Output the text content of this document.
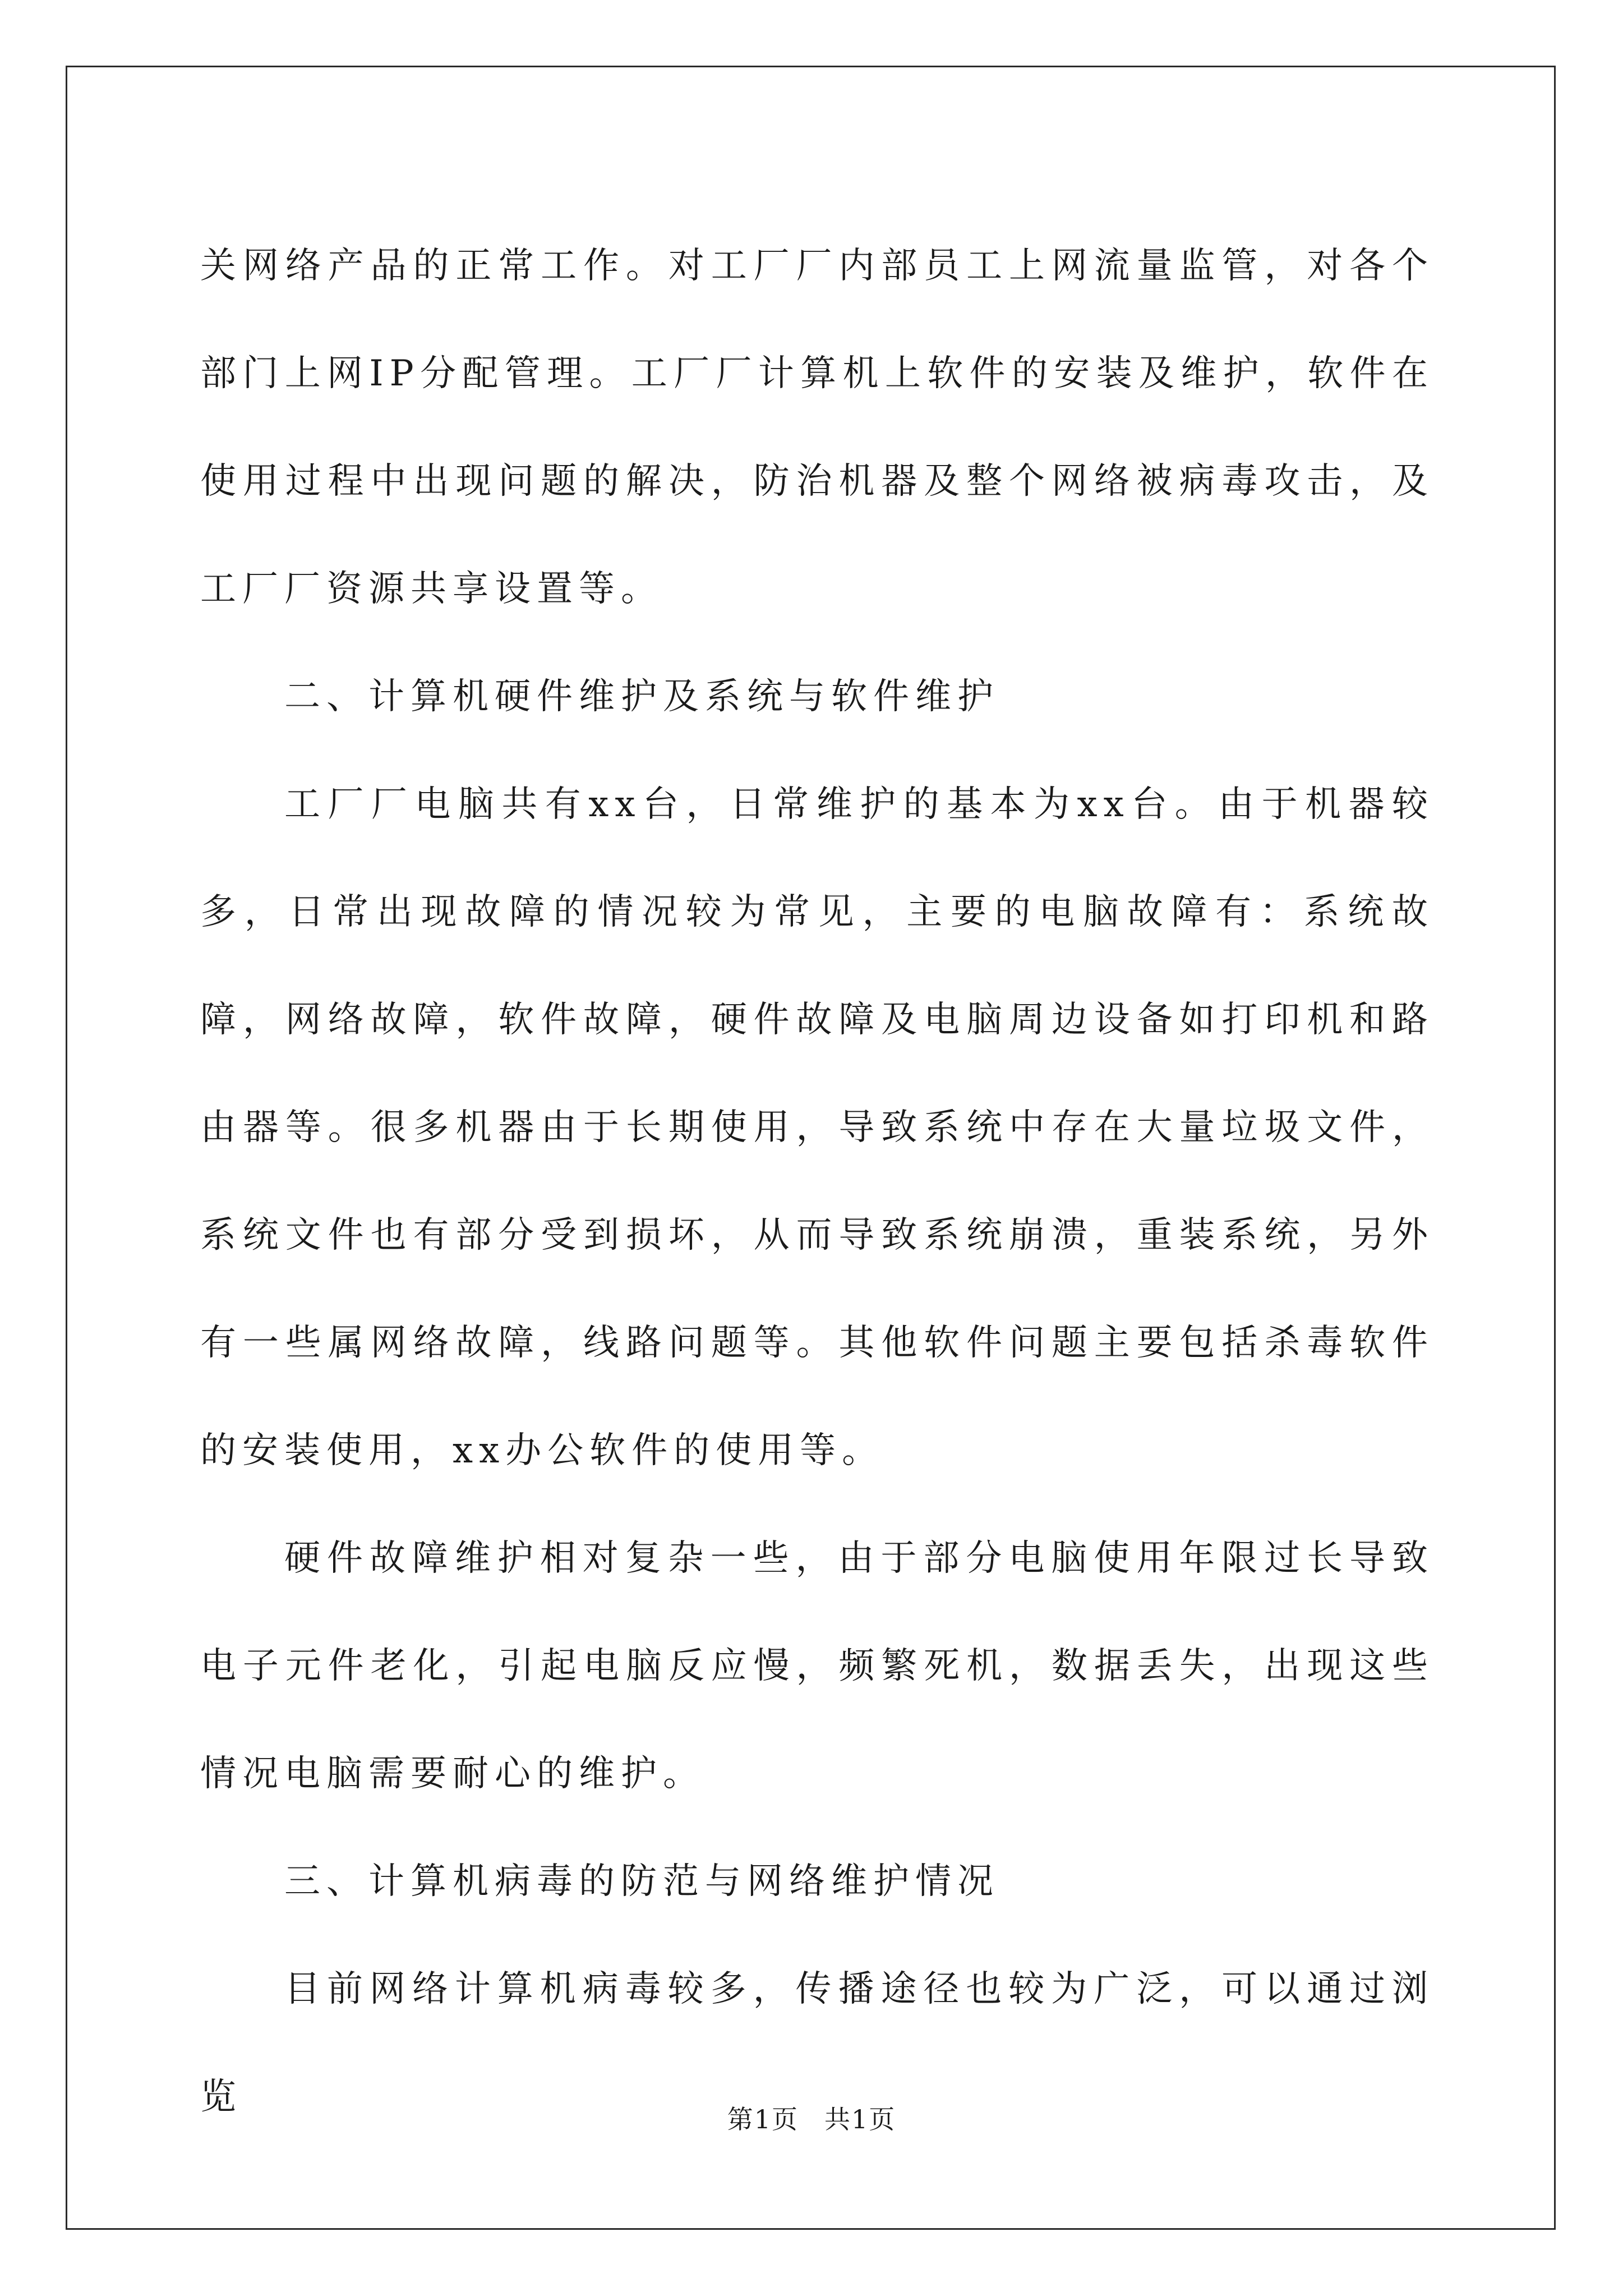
关网络产品的正常工作。对工厂厂内部员工上网流量监管，对各个部门上网IP分配管理。工厂厂计算机上软件的安装及维护，软件在使用过程中出现问题的解决，防治机器及整个网络被病毒攻击，及工厂厂资源共享设置等。

二、计算机硬件维护及系统与软件维护

工厂厂电脑共有xx台，日常维护的基本为xx台。由于机器较多，日常出现故障的情况较为常见，主要的电脑故障有：系统故障，网络故障，软件故障，硬件故障及电脑周边设备如打印机和路由器等。很多机器由于长期使用，导致系统中存在大量垃圾文件，系统文件也有部分受到损坏，从而导致系统崩溃，重装系统，另外有一些属网络故障，线路问题等。其他软件问题主要包括杀毒软件的安装使用，xx办公软件的使用等。

硬件故障维护相对复杂一些，由于部分电脑使用年限过长导致电子元件老化，引起电脑反应慢，频繁死机，数据丢失，出现这些情况电脑需要耐心的维护。

三、计算机病毒的防范与网络维护情况

目前网络计算机病毒较多，传播途径也较为广泛，可以通过浏览

第1页 共1页
